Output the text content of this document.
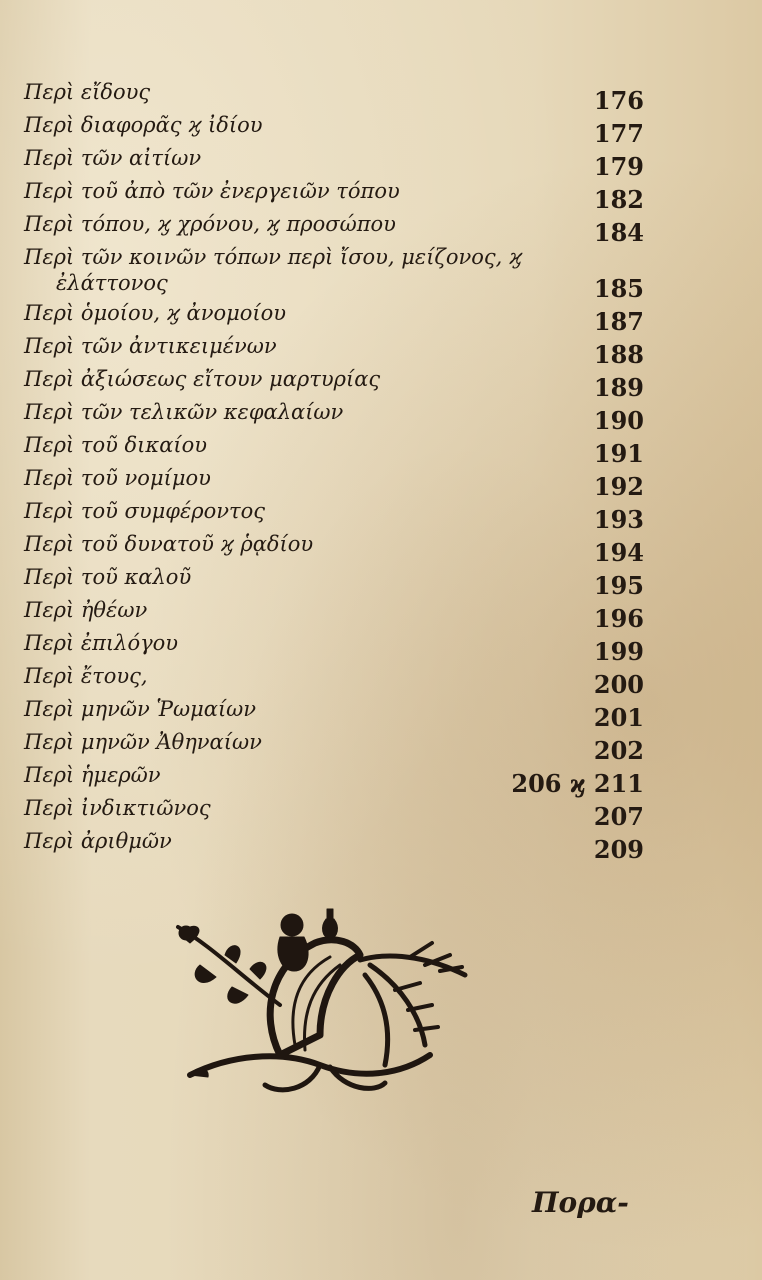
Περὶ εἴδους	176
Περὶ διαφορᾶς ϗ ἰδίου	177
Περὶ τῶν αἰτίων	179
Περὶ τοῦ ἀπὸ τῶν ἐνεργειῶν τόπου	182
Περὶ τόπου, ϗ χρόνου, ϗ προσώπου	184
Περὶ τῶν κοινῶν τόπων περὶ ἴσου, μείζονος, ϗ
ἐλάττονος	185
Περὶ ὁμοίου, ϗ ἀνομοίου	187
Περὶ τῶν ἀντικειμένων	188
Περὶ ἀξιώσεως εἴτουν μαρτυρίας	189
Περὶ τῶν τελικῶν κεφαλαίων	190
Περὶ τοῦ δικαίου	191
Περὶ τοῦ νομίμου	192
Περὶ τοῦ συμφέροντος	193
Περὶ τοῦ δυνατοῦ ϗ ῥᾳδίου	194
Περὶ τοῦ καλοῦ	195
Περὶ ἠθέων	196
Περὶ ἐπιλόγου	199
Περὶ ἔτους,	200
Περὶ μηνῶν Ῥωμαίων	201
Περὶ μηνῶν Ἀθηναίων	202
Περὶ ἡμερῶν	206 ϗ 211
Περὶ ἰνδικτιῶνος	207
Περὶ ἀριθμῶν	209
Πορα-
